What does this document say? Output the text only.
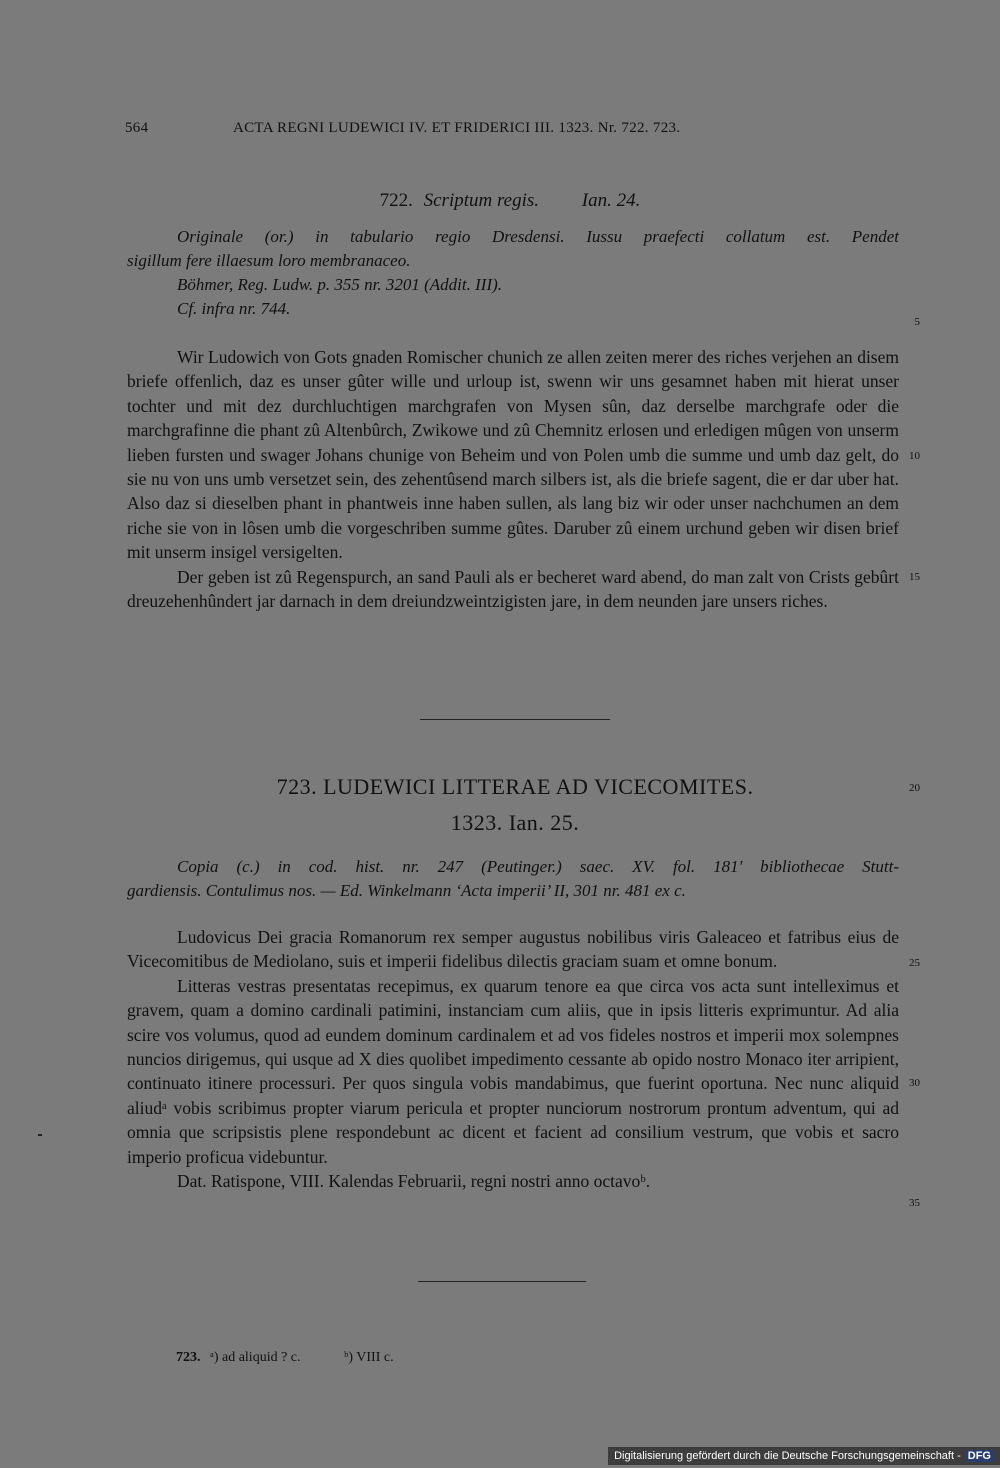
564	ACTA REGNI LUDEWICI IV. ET FRIDERICI III. 1323. Nr. 722. 723.
722. Scriptum regis. Ian. 24.
Originale (or.) in tabulario regio Dresdensi. Iussu praefecti collatum est. Pendet
sigillum fere illaesum loro membranaceo.
Böhmer, Reg. Ludw. p. 355 nr. 3201 (Addit. III).
Cf. infra nr. 744.

Wir Ludowich von Gots gnaden Romischer chunich ze allen zeiten merer des riches verjehen an disem briefe offenlich, daz es unser gûter wille und urloup ist, swenn wir uns gesamnet haben mit hierat unser tochter und mit dez durchluchtigen marchgrafen von Mysen sûn, daz derselbe marchgrafe oder die marchgrafinne die phant zû Altenbûrch, Zwikowe und zû Chemnitz erlosen und erledigen mûgen von unserm lieben fursten und swager Johans chunige von Beheim und von Polen umb die summe und umb daz gelt, do sie nu von uns umb versetzet sein, des zehentûsend march silbers ist, als die briefe sagent, die er dar uber hat. Also daz si dieselben phant in phantweis inne haben sullen, als lang biz wir oder unser nachchumen an dem riche sie von in lôsen umb die vorgeschriben summe gûtes. Daruber zû einem urchund geben wir disen brief mit unserm insigel versigelten.

Der geben ist zû Regenspurch, an sand Pauli als er becheret ward abend, do man zalt von Crists gebûrt dreuzehenhûndert jar darnach in dem dreiundzweintzigisten jare, in dem neunden jare unsers riches.

5
10
15
723. LUDEWICI LITTERAE AD VICECOMITES.	20
1323. Ian. 25.
Copia (c.) in cod. hist. nr. 247 (Peutinger.) saec. XV. fol. 181' bibliothecae Stutt-
gardiensis. Contulimus nos. — Ed. Winkelmann ‘Acta imperii’ II, 301 nr. 481 ex c.

Ludovicus Dei gracia Romanorum rex semper augustus nobilibus viris Galeaceo et fatribus eius de Vicecomitibus de Mediolano, suis et imperii fidelibus dilectis graciam suam et omne bonum.

Litteras vestras presentatas recepimus, ex quarum tenore ea que circa vos acta sunt intelleximus et gravem, quam a domino cardinali patimini, instanciam cum aliis, que in ipsis litteris exprimuntur. Ad alia scire vos volumus, quod ad eundem dominum cardinalem et ad vos fideles nostros et imperii mox solempnes nuncios dirigemus, qui usque ad X dies quolibet impedimento cessante ab opido nostro Monaco iter arripient, continuato itinere processuri. Per quos singula vobis mandabimus, que fuerint oportuna. Nec nunc aliquid aliudᵃ vobis scribimus propter viarum pericula et propter nunciorum nostrorum prontum adventum, qui ad omnia que scripsistis plene respondebunt ac dicent et facient ad consilium vestrum, que vobis et sacro imperio proficua videbuntur.

Dat. Ratispone, VIII. Kalendas Februarii, regni nostri anno octavoᵇ.

25
30
35
723. ᵃ) ad aliquid ? c.	ᵇ) VIII c.
Digitalisierung gefördert durch die Deutsche Forschungsgemeinschaft - DFG
